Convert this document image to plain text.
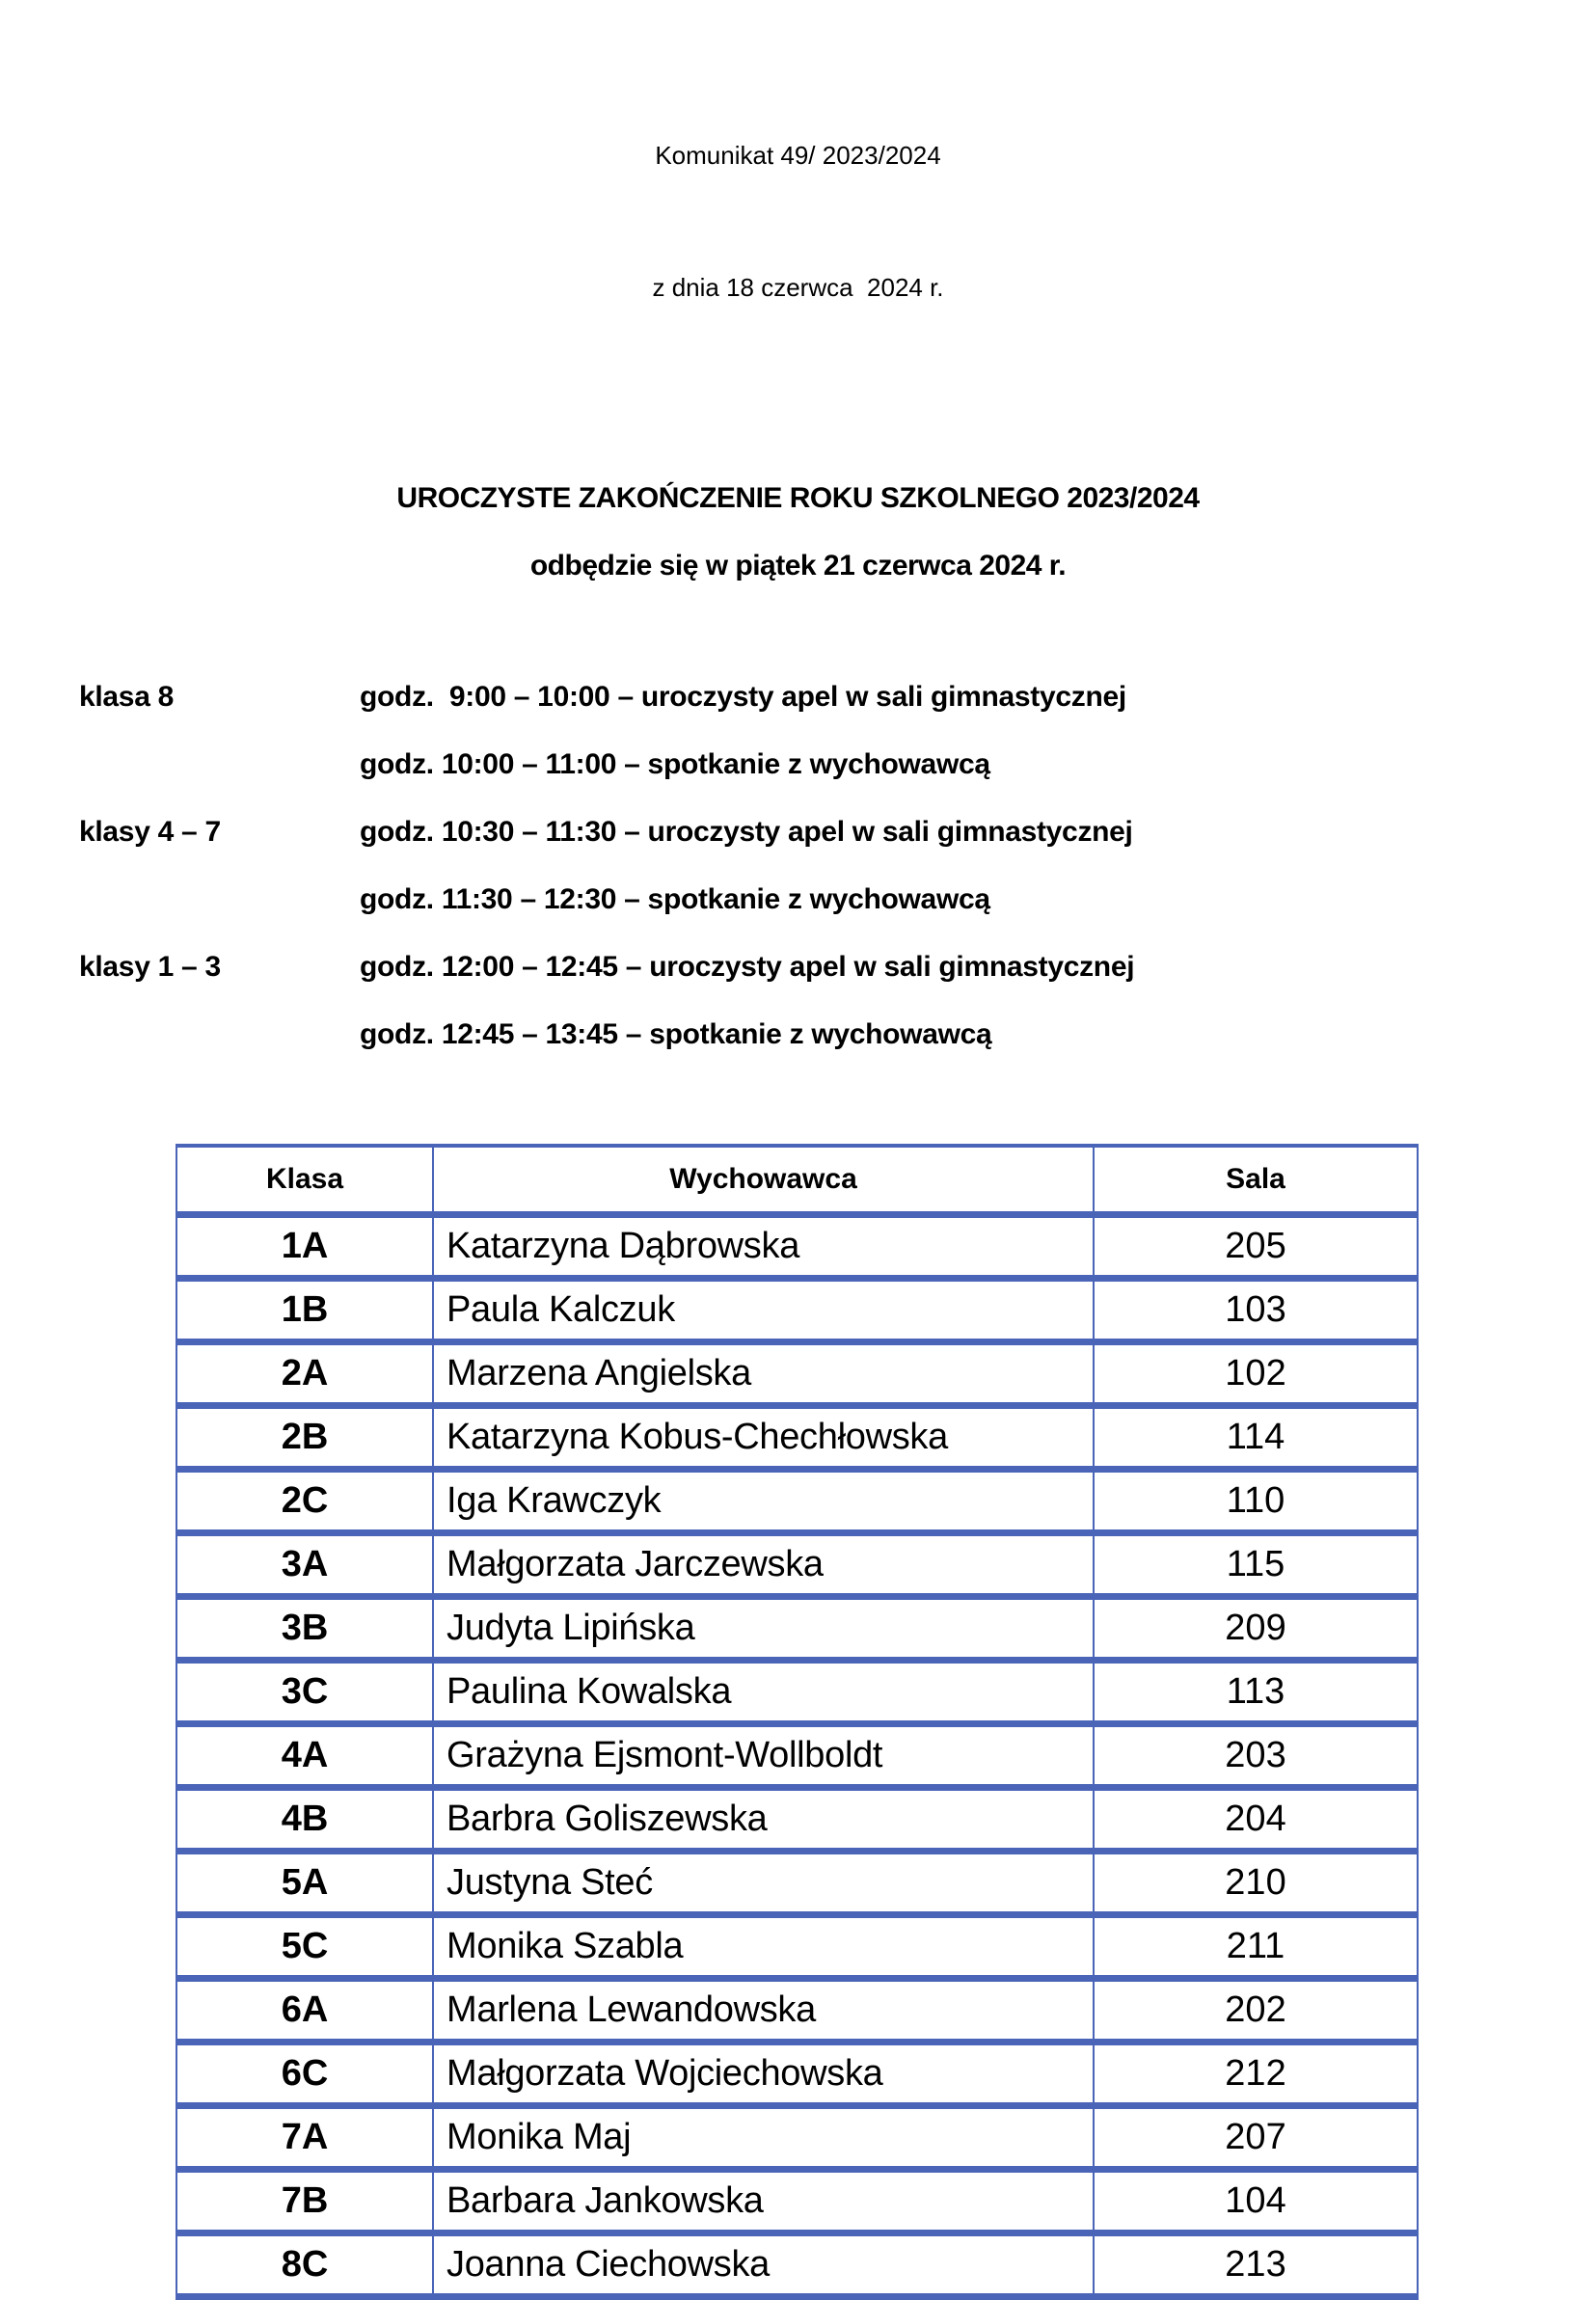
Komunikat 49/ 2023/2024

z dnia 18 czerwca  2024 r.

UROCZYSTE ZAKOŃCZENIE ROKU SZKOLNEGO 2023/2024
odbędzie się w piątek 21 czerwca 2024 r.
klasa 8	godz.  9:00 – 10:00 – uroczysty apel w sali gimnastycznej
godz. 10:00 – 11:00 – spotkanie z wychowawcą
klasy 4 – 7	godz. 10:30 – 11:30 – uroczysty apel w sali gimnastycznej
godz. 11:30 – 12:30 – spotkanie z wychowawcą
klasy 1 – 3	godz. 12:00 – 12:45 – uroczysty apel w sali gimnastycznej
godz. 12:45 – 13:45 – spotkanie z wychowawcą
Klasa	Wychowawca	Sala
1A	Katarzyna Dąbrowska	205
1B	Paula Kalczuk	103
2A	Marzena Angielska	102
2B	Katarzyna Kobus-Chechłowska	114
2C	Iga Krawczyk	110
3A	Małgorzata Jarczewska	115
3B	Judyta Lipińska	209
3C	Paulina Kowalska	113
4A	Grażyna Ejsmont-Wollboldt	203
4B	Barbra Goliszewska	204
5A	Justyna Steć	210
5C	Monika Szabla	211
6A	Marlena Lewandowska	202
6C	Małgorzata Wojciechowska	212
7A	Monika Maj	207
7B	Barbara Jankowska	104
8C	Joanna Ciechowska	213
